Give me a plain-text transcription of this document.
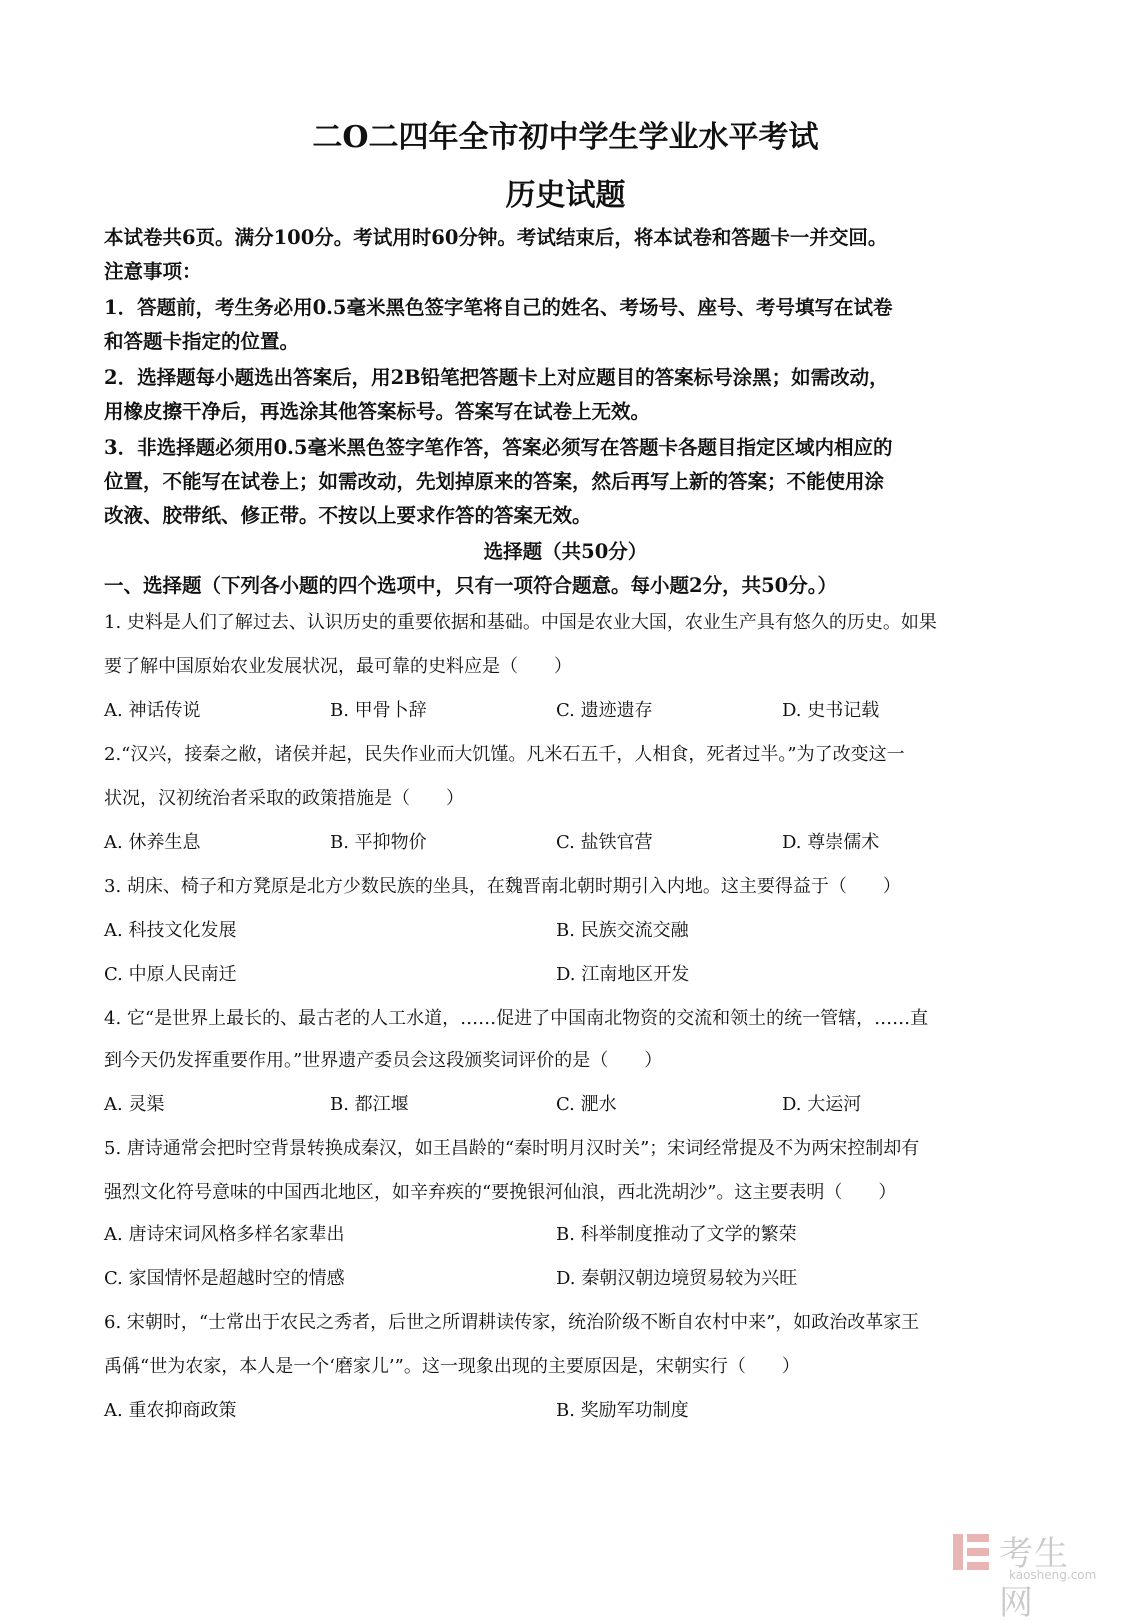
二O二四年全市初中学生学业水平考试
历史试题
本试卷共6页。满分100分。考试用时60分钟。考试结束后，将本试卷和答题卡一并交回。
注意事项：
1．答题前，考生务必用0.5毫米黑色签字笔将自己的姓名、考场号、座号、考号填写在试卷
和答题卡指定的位置。
2．选择题每小题选出答案后，用2B铅笔把答题卡上对应题目的答案标号涂黑；如需改动，
用橡皮擦干净后，再选涂其他答案标号。答案写在试卷上无效。
3．非选择题必须用0.5毫米黑色签字笔作答，答案必须写在答题卡各题目指定区域内相应的
位置，不能写在试卷上；如需改动，先划掉原来的答案，然后再写上新的答案；不能使用涂
改液、胶带纸、修正带。不按以上要求作答的答案无效。
选择题（共50分）
一、选择题（下列各小题的四个选项中，只有一项符合题意。每小题2分，共50分。）
1. 史料是人们了解过去、认识历史的重要依据和基础。中国是农业大国，农业生产具有悠久的历史。如果
要了解中国原始农业发展状况，最可靠的史料应是（　　）
A. 神话传说	B. 甲骨卜辞	C. 遗迹遗存	D. 史书记载
2.“汉兴，接秦之敝，诸侯并起，民失作业而大饥馑。凡米石五千，人相食，死者过半。”为了改变这一
状况，汉初统治者采取的政策措施是（　　）
A. 休养生息	B. 平抑物价	C. 盐铁官营	D. 尊崇儒术
3. 胡床、椅子和方凳原是北方少数民族的坐具，在魏晋南北朝时期引入内地。这主要得益于（　　）
A. 科技文化发展	B. 民族交流交融
C. 中原人民南迁	D. 江南地区开发
4. 它“是世界上最长的、最古老的人工水道，……促进了中国南北物资的交流和领土的统一管辖，……直
到今天仍发挥重要作用。”世界遗产委员会这段颁奖词评价的是（　　）
A. 灵渠	B. 都江堰	C. 淝水	D. 大运河
5. 唐诗通常会把时空背景转换成秦汉，如王昌龄的“秦时明月汉时关”；宋词经常提及不为两宋控制却有
强烈文化符号意味的中国西北地区，如辛弃疾的“要挽银河仙浪，西北洗胡沙”。这主要表明（　　）
A. 唐诗宋词风格多样名家辈出	B. 科举制度推动了文学的繁荣
C. 家国情怀是超越时空的情感	D. 秦朝汉朝边境贸易较为兴旺
6. 宋朝时，“士常出于农民之秀者，后世之所谓耕读传家，统治阶级不断自农村中来”，如政治改革家王
禹偁“世为农家，本人是一个‘磨家儿’”。这一现象出现的主要原因是，宋朝实行（　　）
A. 重农抑商政策	B. 奖励军功制度
考生网
kaosheng.com
